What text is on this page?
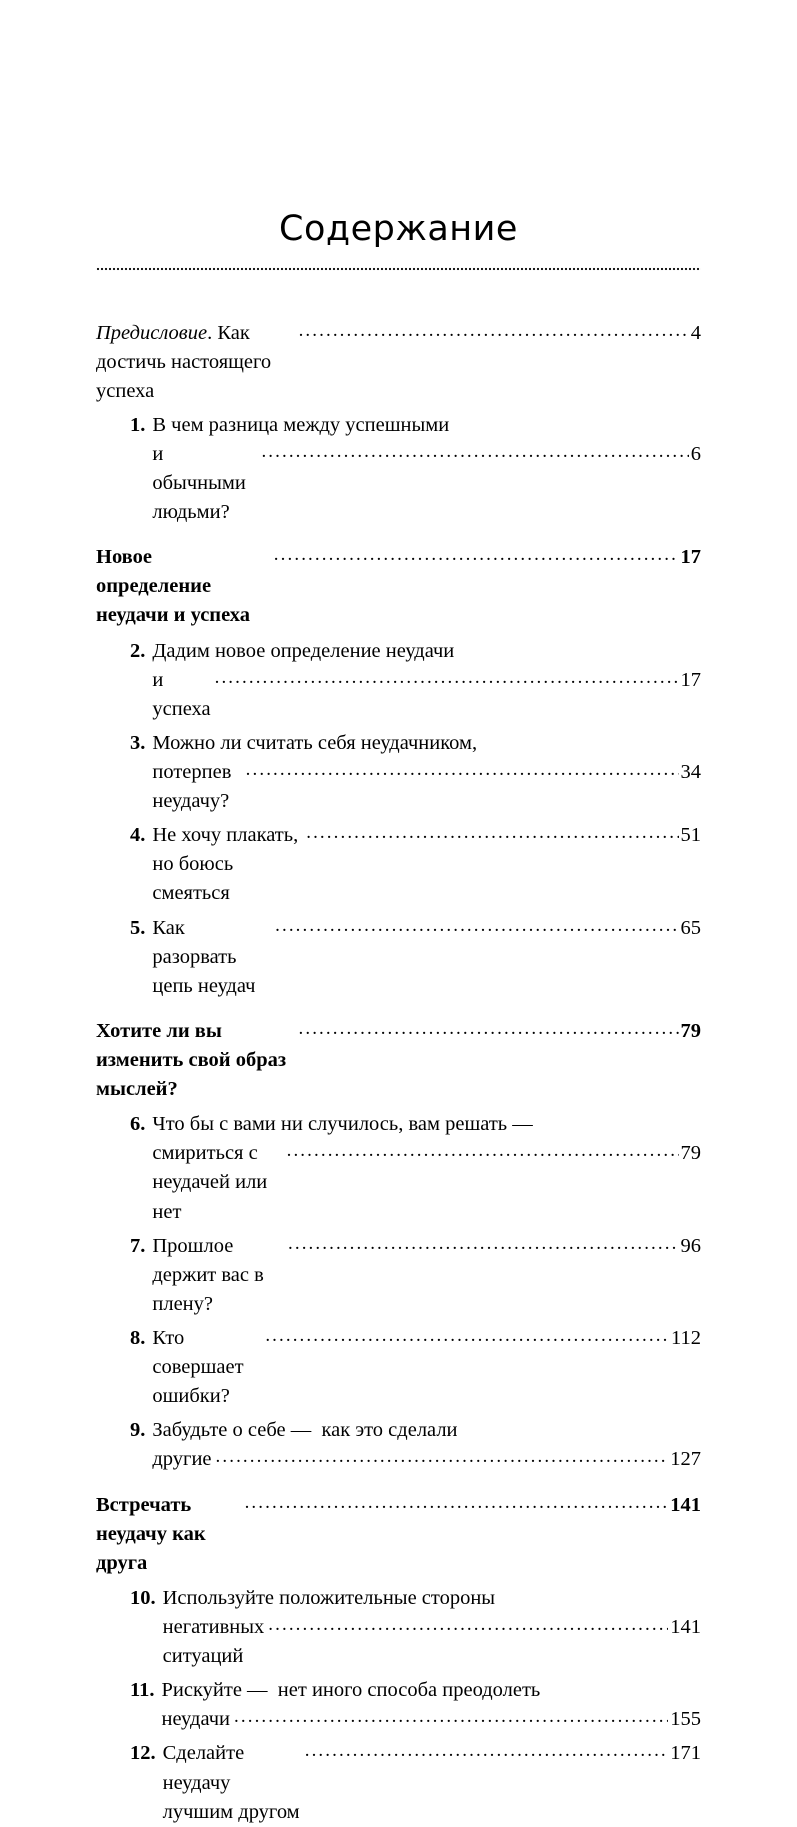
Содержание
Предисловие. Как достичь настоящего успеха
.....
4
1. В чем разница между успешными
и обычными людьми?
.....
6
Новое определение неудачи и успеха
.....
17
2. Дадим новое определение неудачи
и успеха
.....
17
3. Можно ли считать себя неудачником,
потерпев неудачу?
.....
34
4. Не хочу плакать, но боюсь смеяться
.....
51
5. Как разорвать цепь неудач
.....
65
Хотите ли вы изменить свой образ мыслей?
.....
79
6. Что бы с вами ни случилось, вам решать —
смириться с неудачей или нет
.....
79
7. Прошлое держит вас в плену?
.....
96
8. Кто совершает ошибки?
.....
112
9. Забудьте о себе —  как это сделали
другие .....	127
Встречать неудачу как друга
.....
141
10. Используйте положительные стороны
негативных ситуаций
.....
141
11. Рискуйте —  нет иного способа преодолеть
неудачи .....	155
12. Сделайте неудачу лучшим другом
.....
171
